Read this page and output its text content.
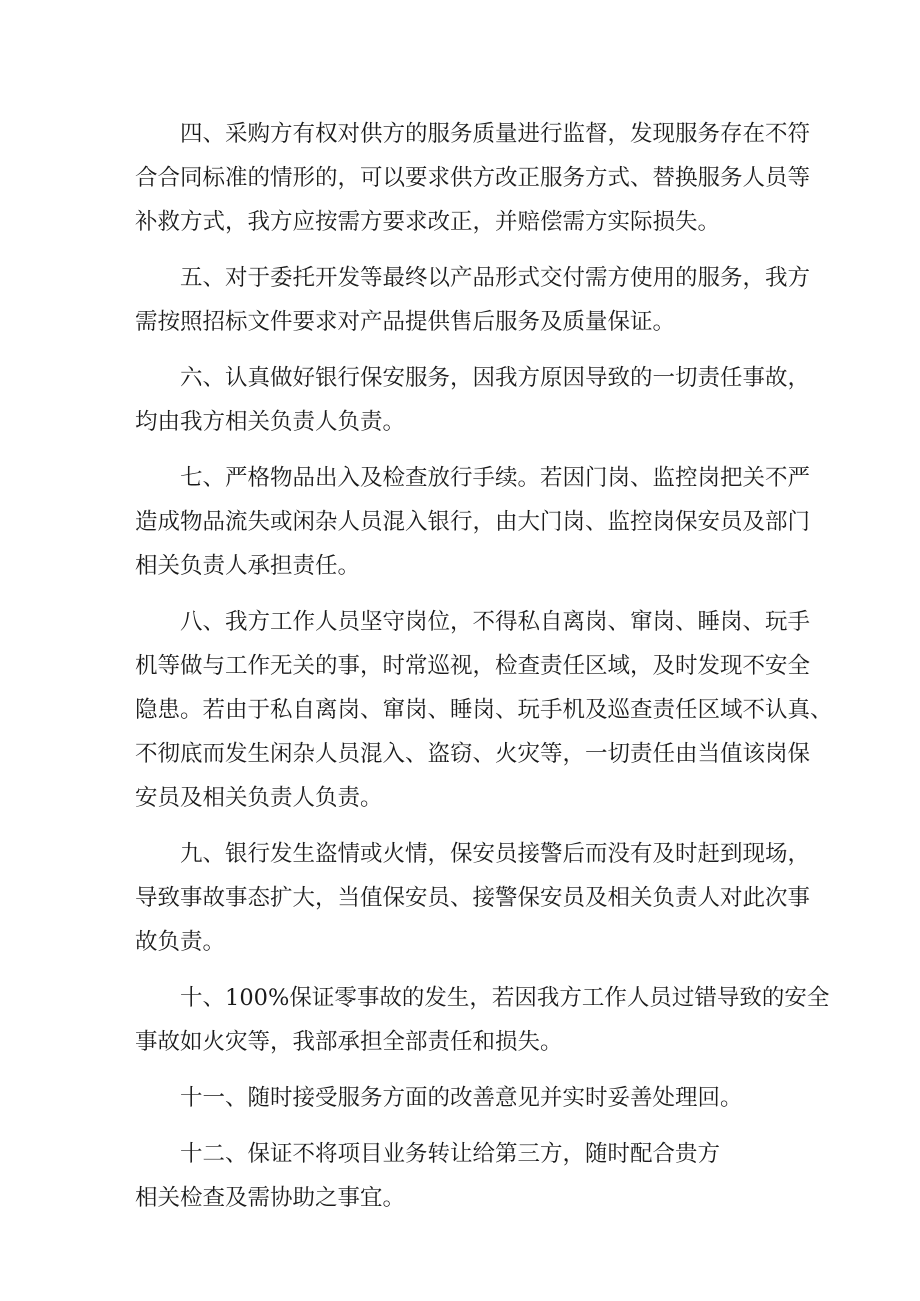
四、采购方有权对供方的服务质量进行监督，发现服务存在不符
合合同标准的情形的，可以要求供方改正服务方式、替换服务人员等
补救方式，我方应按需方要求改正，并赔偿需方实际损失。

五、对于委托开发等最终以产品形式交付需方使用的服务，我方
需按照招标文件要求对产品提供售后服务及质量保证。

六、认真做好银行保安服务，因我方原因导致的一切责任事故，
均由我方相关负责人负责。

七、严格物品出入及检查放行手续。若因门岗、监控岗把关不严
造成物品流失或闲杂人员混入银行，由大门岗、监控岗保安员及部门
相关负责人承担责任。

八、我方工作人员坚守岗位，不得私自离岗、窜岗、睡岗、玩手
机等做与工作无关的事，时常巡视，检查责任区域，及时发现不安全
隐患。若由于私自离岗、窜岗、睡岗、玩手机及巡查责任区域不认真、
不彻底而发生闲杂人员混入、盗窃、火灾等，一切责任由当值该岗保
安员及相关负责人负责。

九、银行发生盗情或火情，保安员接警后而没有及时赶到现场，
导致事故事态扩大，当值保安员、接警保安员及相关负责人对此次事
故负责。

十、100%保证零事故的发生，若因我方工作人员过错导致的安全
事故如火灾等，我部承担全部责任和损失。

十一、随时接受服务方面的改善意见并实时妥善处理回。

十二、保证不将项目业务转让给第三方，随时配合贵方
相关检查及需协助之事宜。
